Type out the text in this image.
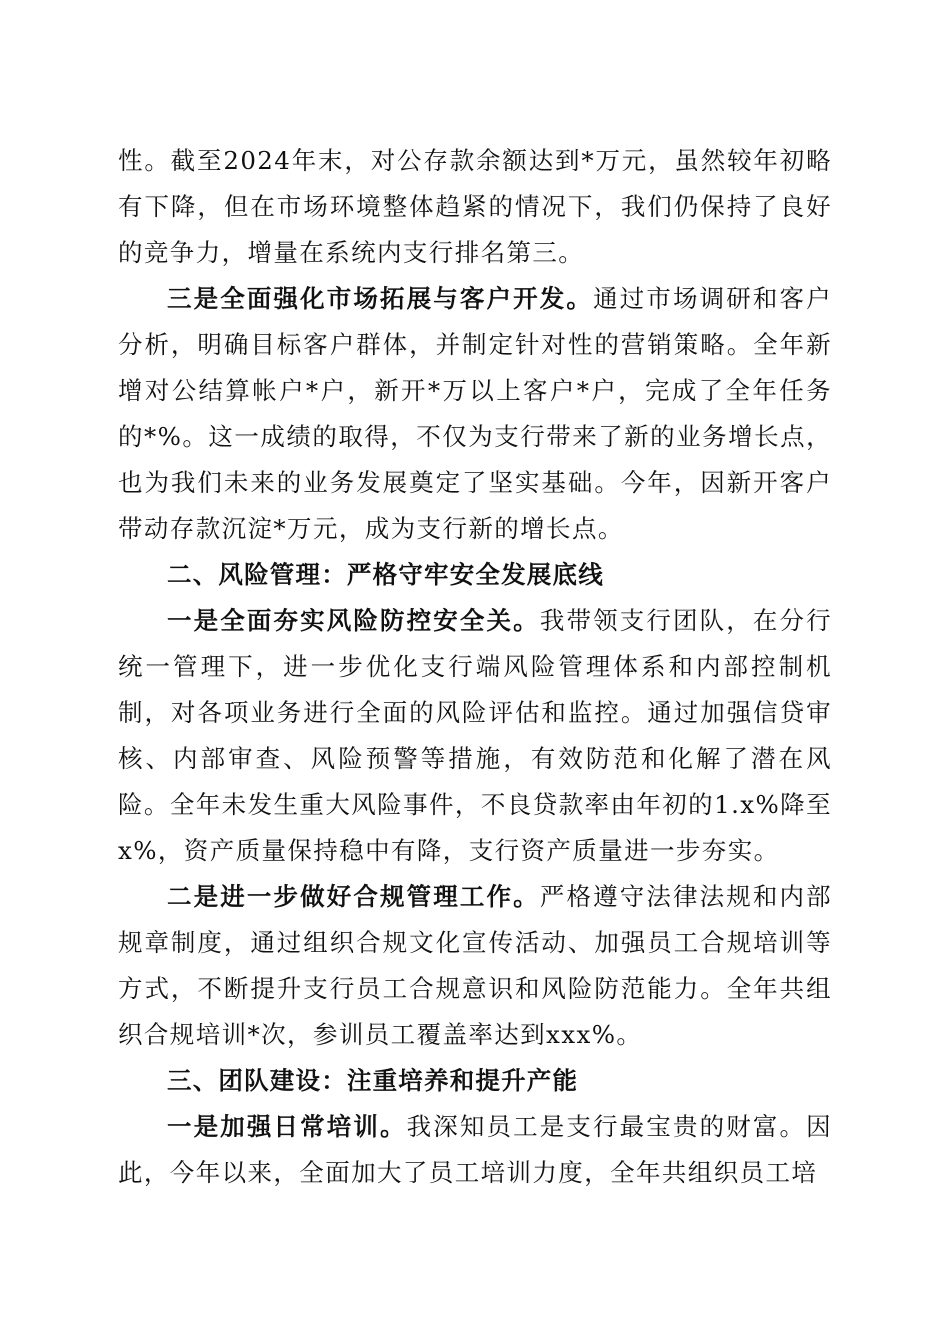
性。截至2024年末，对公存款余额达到*万元，虽然较年初略有下降，但在市场环境整体趋紧的情况下，我们仍保持了良好的竞争力，增量在系统内支行排名第三。

三是全面强化市场拓展与客户开发。通过市场调研和客户分析，明确目标客户群体，并制定针对性的营销策略。全年新增对公结算帐户*户，新开*万以上客户*户，完成了全年任务的*%。这一成绩的取得，不仅为支行带来了新的业务增长点，也为我们未来的业务发展奠定了坚实基础。今年，因新开客户带动存款沉淀*万元，成为支行新的增长点。

二、风险管理：严格守牢安全发展底线

一是全面夯实风险防控安全关。我带领支行团队，在分行统一管理下，进一步优化支行端风险管理体系和内部控制机制，对各项业务进行全面的风险评估和监控。通过加强信贷审核、内部审查、风险预警等措施，有效防范和化解了潜在风险。全年未发生重大风险事件，不良贷款率由年初的1.x%降至x%，资产质量保持稳中有降，支行资产质量进一步夯实。

二是进一步做好合规管理工作。严格遵守法律法规和内部规章制度，通过组织合规文化宣传活动、加强员工合规培训等方式，不断提升支行员工合规意识和风险防范能力。全年共组织合规培训*次，参训员工覆盖率达到xxx%。

三、团队建设：注重培养和提升产能

一是加强日常培训。我深知员工是支行最宝贵的财富。因此，今年以来，全面加大了员工培训力度，全年共组织员工培
